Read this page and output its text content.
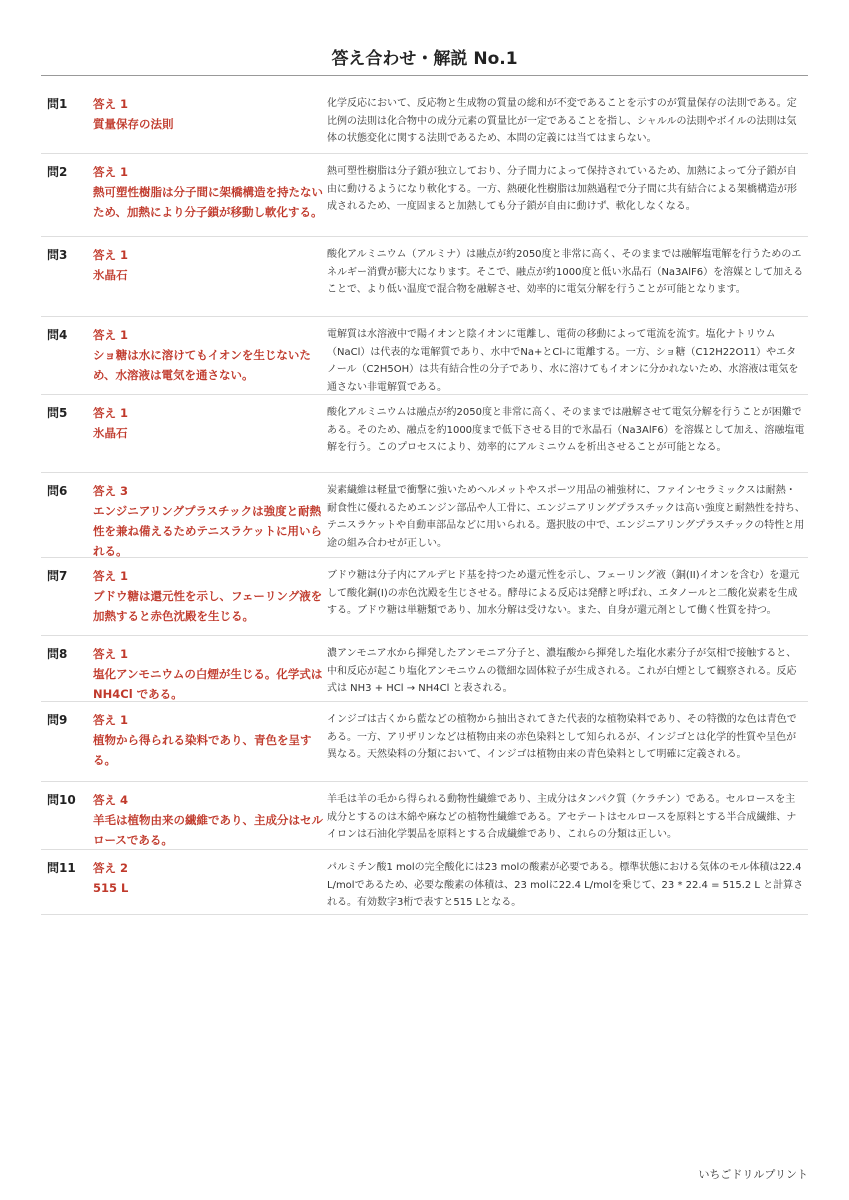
答え合わせ・解説 No.1
問1	答え 1
質量保存の法則
化学反応において、反応物と生成物の質量の総和が不変であることを示すのが質量保存の法則である。定比例の法則は化合物中の成分元素の質量比が一定であることを指し、シャルルの法則やボイルの法則は気体の状態変化に関する法則であるため、本問の定義には当てはまらない。
問2	答え 1
熱可塑性樹脂は分子間に架橋構造を持たないため、加熱により分子鎖が移動し軟化する。
熱可塑性樹脂は分子鎖が独立しており、分子間力によって保持されているため、加熱によって分子鎖が自由に動けるようになり軟化する。一方、熱硬化性樹脂は加熱過程で分子間に共有結合による架橋構造が形成されるため、一度固まると加熱しても分子鎖が自由に動けず、軟化しなくなる。
問3	答え 1
氷晶石
酸化アルミニウム（アルミナ）は融点が約2050度と非常に高く、そのままでは融解塩電解を行うためのエネルギー消費が膨大になります。そこで、融点が約1000度と低い氷晶石（Na3AlF6）を溶媒として加えることで、より低い温度で混合物を融解させ、効率的に電気分解を行うことが可能となります。
問4	答え 1
ショ糖は水に溶けてもイオンを生じないため、水溶液は電気を通さない。
電解質は水溶液中で陽イオンと陰イオンに電離し、電荷の移動によって電流を流す。塩化ナトリウム（NaCl）は代表的な電解質であり、水中でNa+とCl-に電離する。一方、ショ糖（C12H22O11）やエタノール（C2H5OH）は共有結合性の分子であり、水に溶けてもイオンに分かれないため、水溶液は電気を通さない非電解質である。
問5	答え 1
氷晶石
酸化アルミニウムは融点が約2050度と非常に高く、そのままでは融解させて電気分解を行うことが困難である。そのため、融点を約1000度まで低下させる目的で氷晶石（Na3AlF6）を溶媒として加え、溶融塩電解を行う。このプロセスにより、効率的にアルミニウムを析出させることが可能となる。
問6	答え 3
エンジニアリングプラスチックは強度と耐熱性を兼ね備えるためテニスラケットに用いられる。
炭素繊維は軽量で衝撃に強いためヘルメットやスポーツ用品の補強材に、ファインセラミックスは耐熱・耐食性に優れるためエンジン部品や人工骨に、エンジニアリングプラスチックは高い強度と耐熱性を持ち、テニスラケットや自動車部品などに用いられる。選択肢の中で、エンジニアリングプラスチックの特性と用途の組み合わせが正しい。
問7	答え 1
ブドウ糖は還元性を示し、フェーリング液を加熱すると赤色沈殿を生じる。
ブドウ糖は分子内にアルデヒド基を持つため還元性を示し、フェーリング液（銅(II)イオンを含む）を還元して酸化銅(I)の赤色沈殿を生じさせる。酵母による反応は発酵と呼ばれ、エタノールと二酸化炭素を生成する。ブドウ糖は単糖類であり、加水分解は受けない。また、自身が還元剤として働く性質を持つ。
問8	答え 1
塩化アンモニウムの白煙が生じる。化学式は NH4Cl である。
濃アンモニア水から揮発したアンモニア分子と、濃塩酸から揮発した塩化水素分子が気相で接触すると、中和反応が起こり塩化アンモニウムの微細な固体粒子が生成される。これが白煙として観察される。反応式は NH3 + HCl → NH4Cl と表される。
問9	答え 1
植物から得られる染料であり、青色を呈する。
インジゴは古くから藍などの植物から抽出されてきた代表的な植物染料であり、その特徴的な色は青色である。一方、アリザリンなどは植物由来の赤色染料として知られるが、インジゴとは化学的性質や呈色が異なる。天然染料の分類において、インジゴは植物由来の青色染料として明確に定義される。
問10	答え 4
羊毛は植物由来の繊維であり、主成分はセルロースである。
羊毛は羊の毛から得られる動物性繊維であり、主成分はタンパク質（ケラチン）である。セルロースを主成分とするのは木綿や麻などの植物性繊維である。アセテートはセルロースを原料とする半合成繊維、ナイロンは石油化学製品を原料とする合成繊維であり、これらの分類は正しい。
問11	答え 2
515 L
パルミチン酸1 molの完全酸化には23 molの酸素が必要である。標準状態における気体のモル体積は22.4 L/molであるため、必要な酸素の体積は、23 molに22.4 L/molを乗じて、23 * 22.4 = 515.2 L と計算される。有効数字3桁で表すと515 Lとなる。
いちごドリルプリント
